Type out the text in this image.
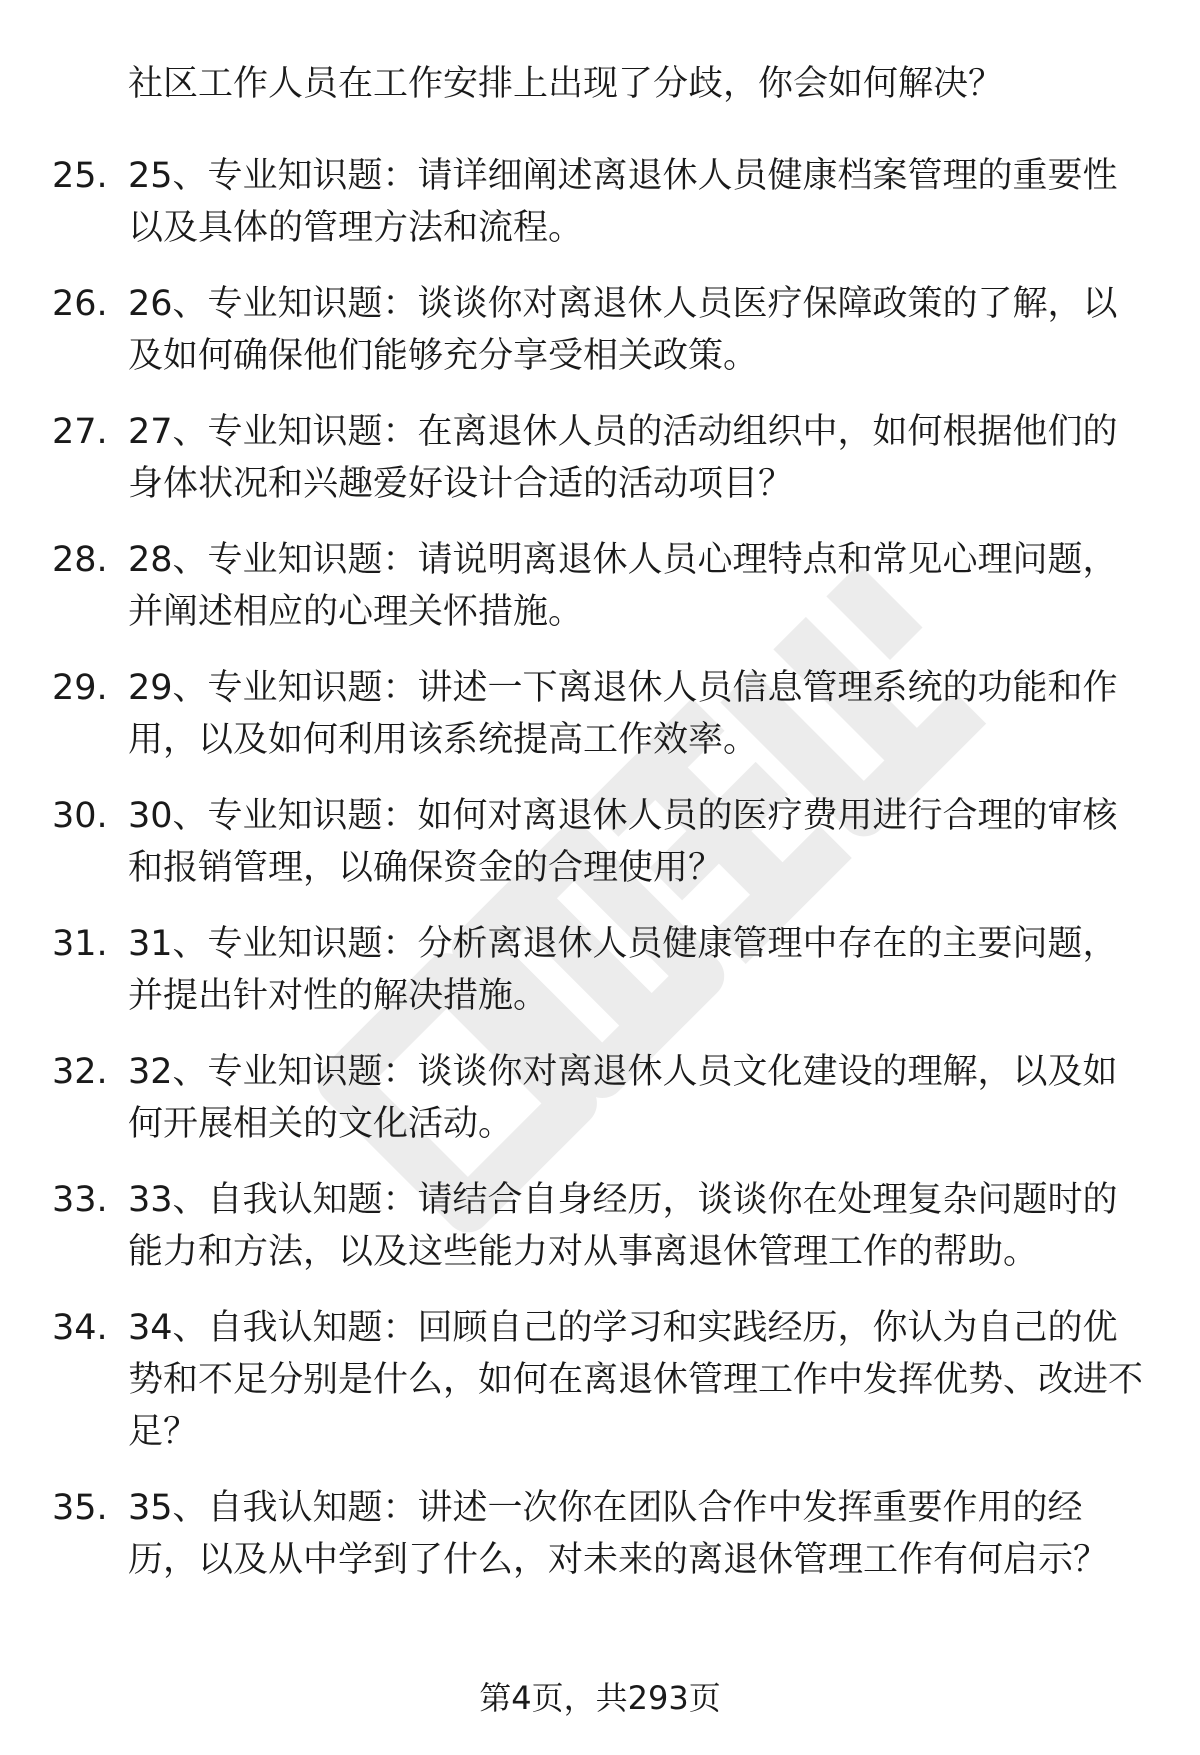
社区工作人员在工作安排上出现了分歧，你会如何解决？
25. 25、专业知识题：请详细阐述离退休人员健康档案管理的重要性以及具体的管理方法和流程。
26. 26、专业知识题：谈谈你对离退休人员医疗保障政策的了解，以及如何确保他们能够充分享受相关政策。
27. 27、专业知识题：在离退休人员的活动组织中，如何根据他们的身体状况和兴趣爱好设计合适的活动项目？
28. 28、专业知识题：请说明离退休人员心理特点和常见心理问题，并阐述相应的心理关怀措施。
29. 29、专业知识题：讲述一下离退休人员信息管理系统的功能和作用，以及如何利用该系统提高工作效率。
30. 30、专业知识题：如何对离退休人员的医疗费用进行合理的审核和报销管理，以确保资金的合理使用？
31. 31、专业知识题：分析离退休人员健康管理中存在的主要问题，并提出针对性的解决措施。
32. 32、专业知识题：谈谈你对离退休人员文化建设的理解，以及如何开展相关的文化活动。
33. 33、自我认知题：请结合自身经历，谈谈你在处理复杂问题时的能力和方法，以及这些能力对从事离退休管理工作的帮助。
34. 34、自我认知题：回顾自己的学习和实践经历，你认为自己的优势和不足分别是什么，如何在离退休管理工作中发挥优势、改进不足？
35. 35、自我认知题：讲述一次你在团队合作中发挥重要作用的经历，以及从中学到了什么，对未来的离退休管理工作有何启示？
第4页，共293页
